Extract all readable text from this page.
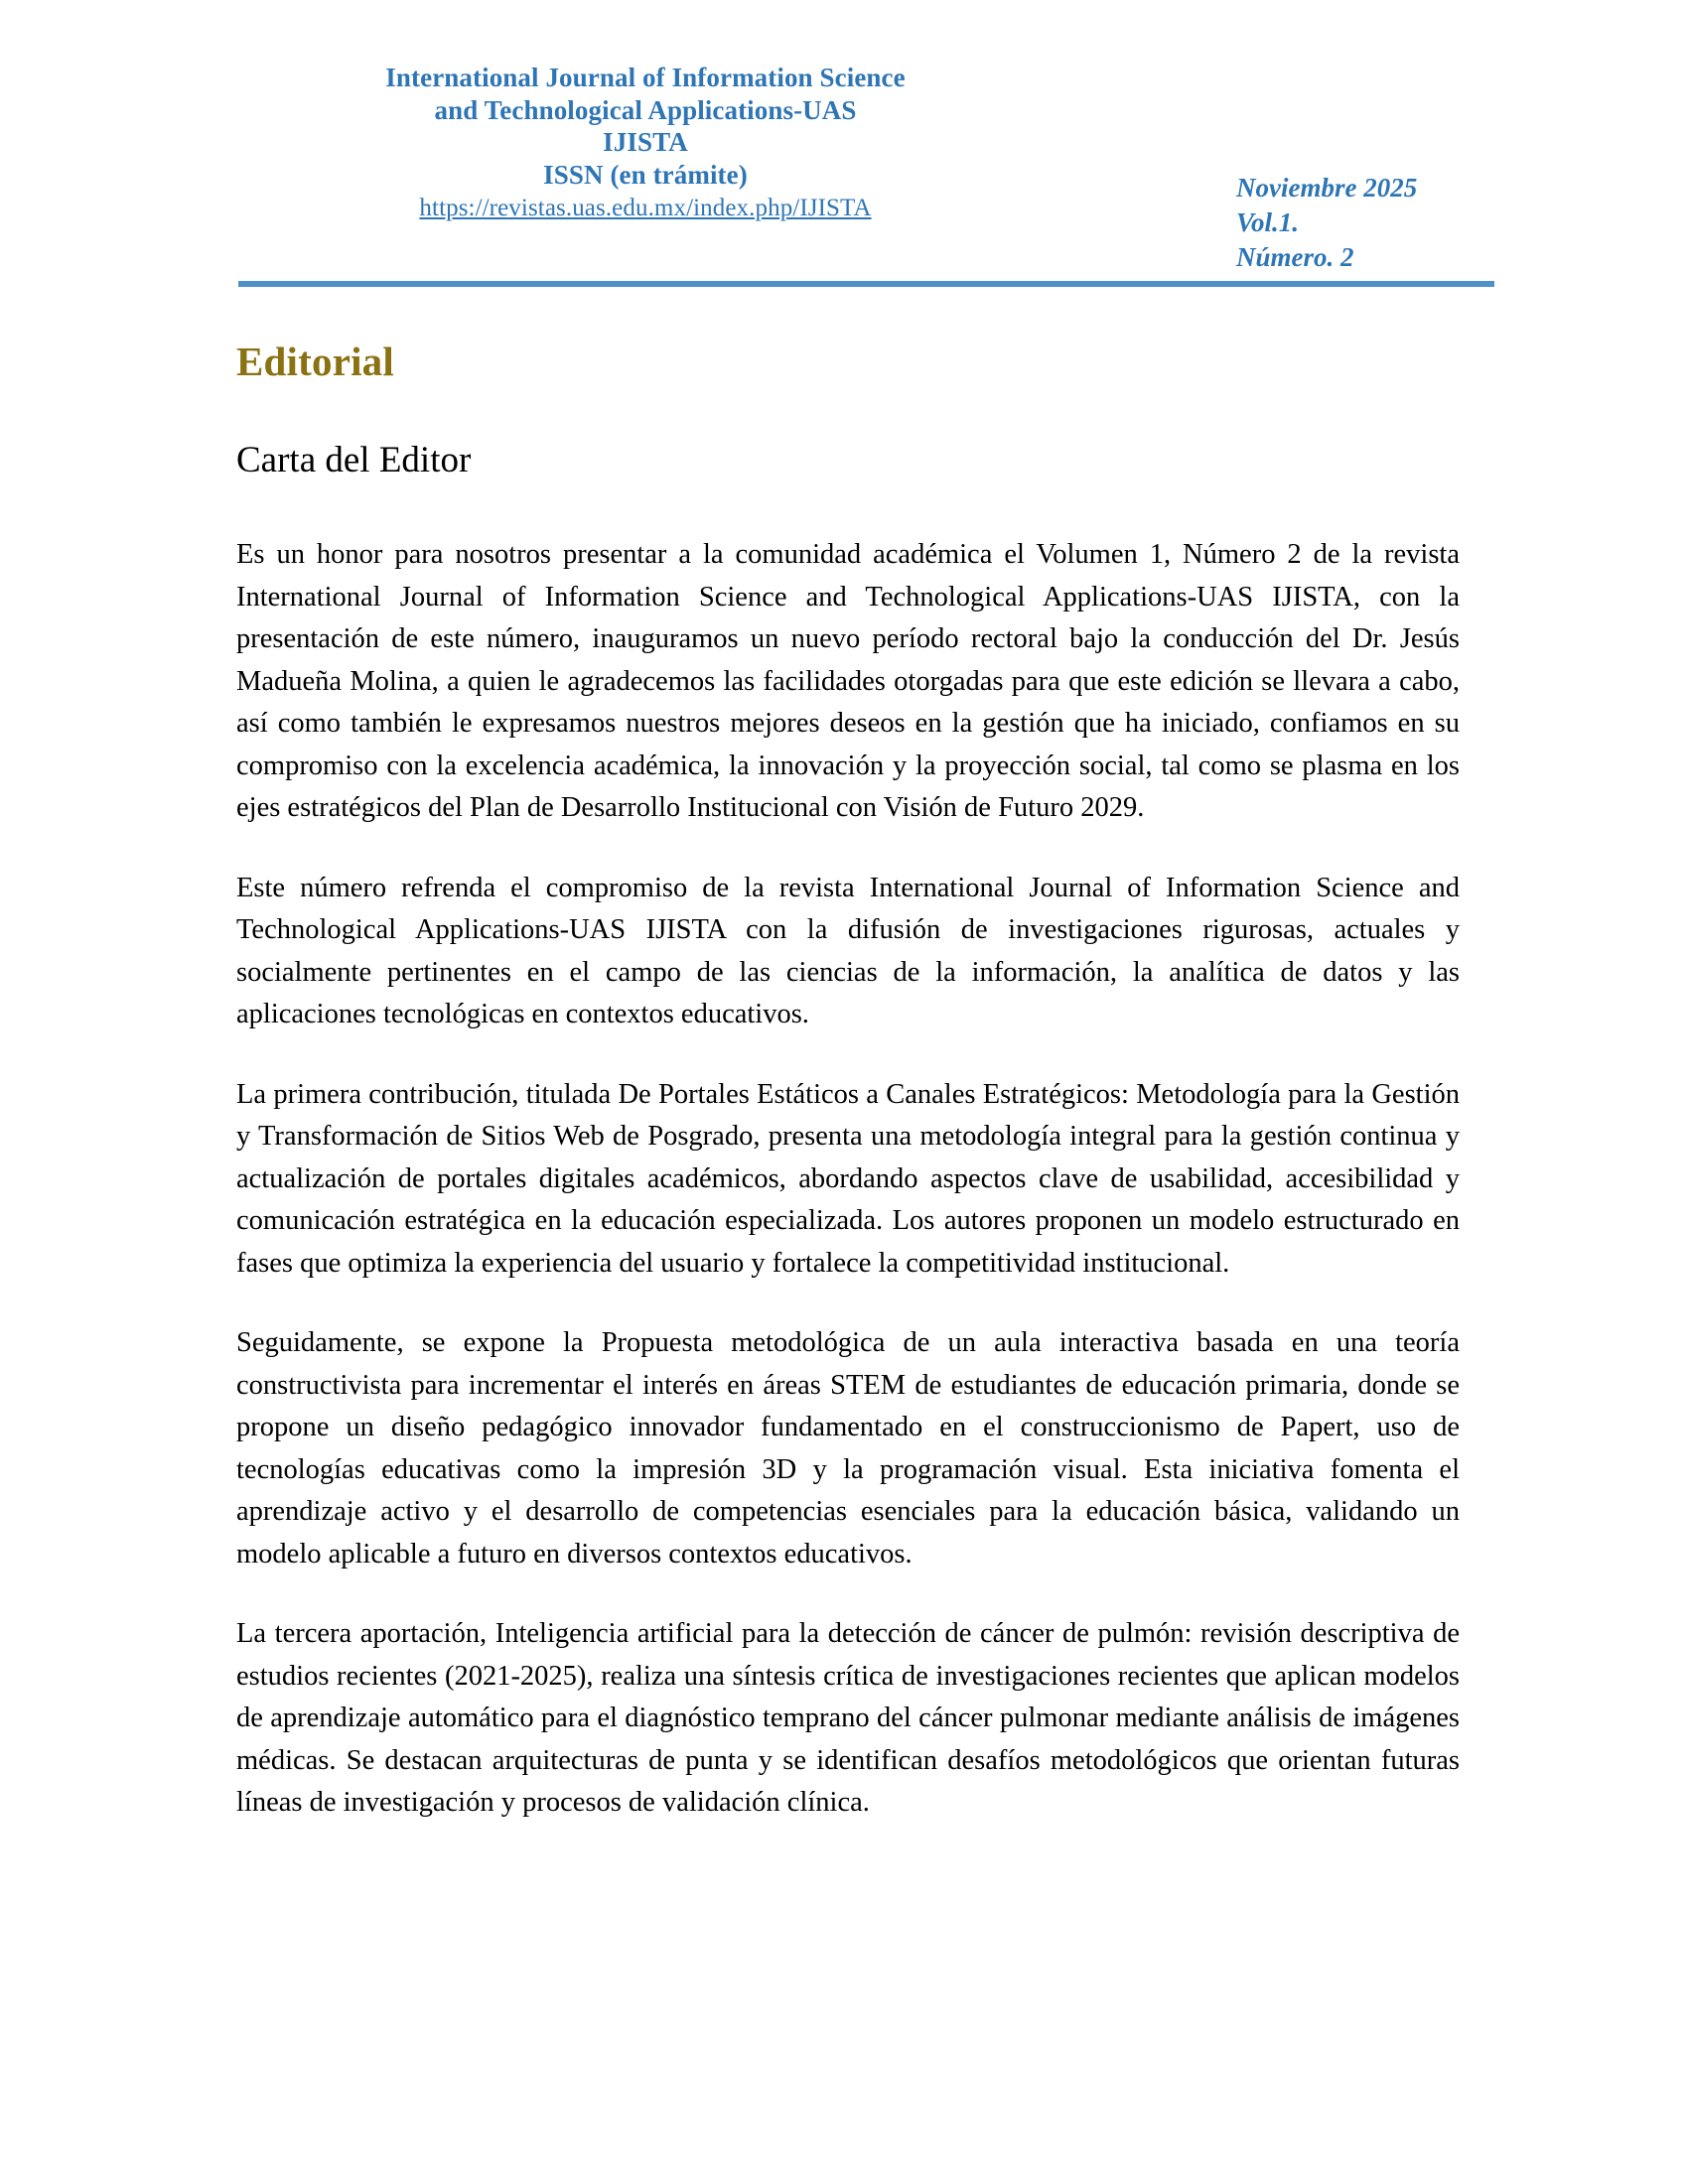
International Journal of Information Science
and Technological Applications-UAS
IJISTA
ISSN (en trámite)
https://revistas.uas.edu.mx/index.php/IJISTA
Noviembre 2025
Vol.1.
Número. 2
Editorial
Carta del Editor

Es un honor para nosotros presentar a la comunidad académica el Volumen 1, Número 2 de la revista International Journal of Information Science and Technological Applications-UAS IJISTA, con la presentación de este número, inauguramos un nuevo período rectoral bajo la conducción del Dr. Jesús Madueña Molina, a quien le agradecemos las facilidades otorgadas para que este edición se llevara a cabo, así como también le expresamos nuestros mejores deseos en la gestión que ha iniciado, confiamos en su compromiso con la excelencia académica, la innovación y la proyección social, tal como se plasma en los ejes estratégicos del Plan de Desarrollo Institucional con Visión de Futuro 2029.

Este número refrenda el compromiso de la revista International Journal of Information Science and Technological Applications-UAS IJISTA con la difusión de investigaciones rigurosas, actuales y socialmente pertinentes en el campo de las ciencias de la información, la analítica de datos y las aplicaciones tecnológicas en contextos educativos.

La primera contribución, titulada De Portales Estáticos a Canales Estratégicos: Metodología para la Gestión y Transformación de Sitios Web de Posgrado, presenta una metodología integral para la gestión continua y actualización de portales digitales académicos, abordando aspectos clave de usabilidad, accesibilidad y comunicación estratégica en la educación especializada. Los autores proponen un modelo estructurado en fases que optimiza la experiencia del usuario y fortalece la competitividad institucional.

Seguidamente, se expone la Propuesta metodológica de un aula interactiva basada en una teoría constructivista para incrementar el interés en áreas STEM de estudiantes de educación primaria, donde se propone un diseño pedagógico innovador fundamentado en el construccionismo de Papert, uso de tecnologías educativas como la impresión 3D y la programación visual. Esta iniciativa fomenta el aprendizaje activo y el desarrollo de competencias esenciales para la educación básica, validando un modelo aplicable a futuro en diversos contextos educativos.

La tercera aportación, Inteligencia artificial para la detección de cáncer de pulmón: revisión descriptiva de estudios recientes (2021-2025), realiza una síntesis crítica de investigaciones recientes que aplican modelos de aprendizaje automático para el diagnóstico temprano del cáncer pulmonar mediante análisis de imágenes médicas. Se destacan arquitecturas de punta y se identifican desafíos metodológicos que orientan futuras líneas de investigación y procesos de validación clínica.
